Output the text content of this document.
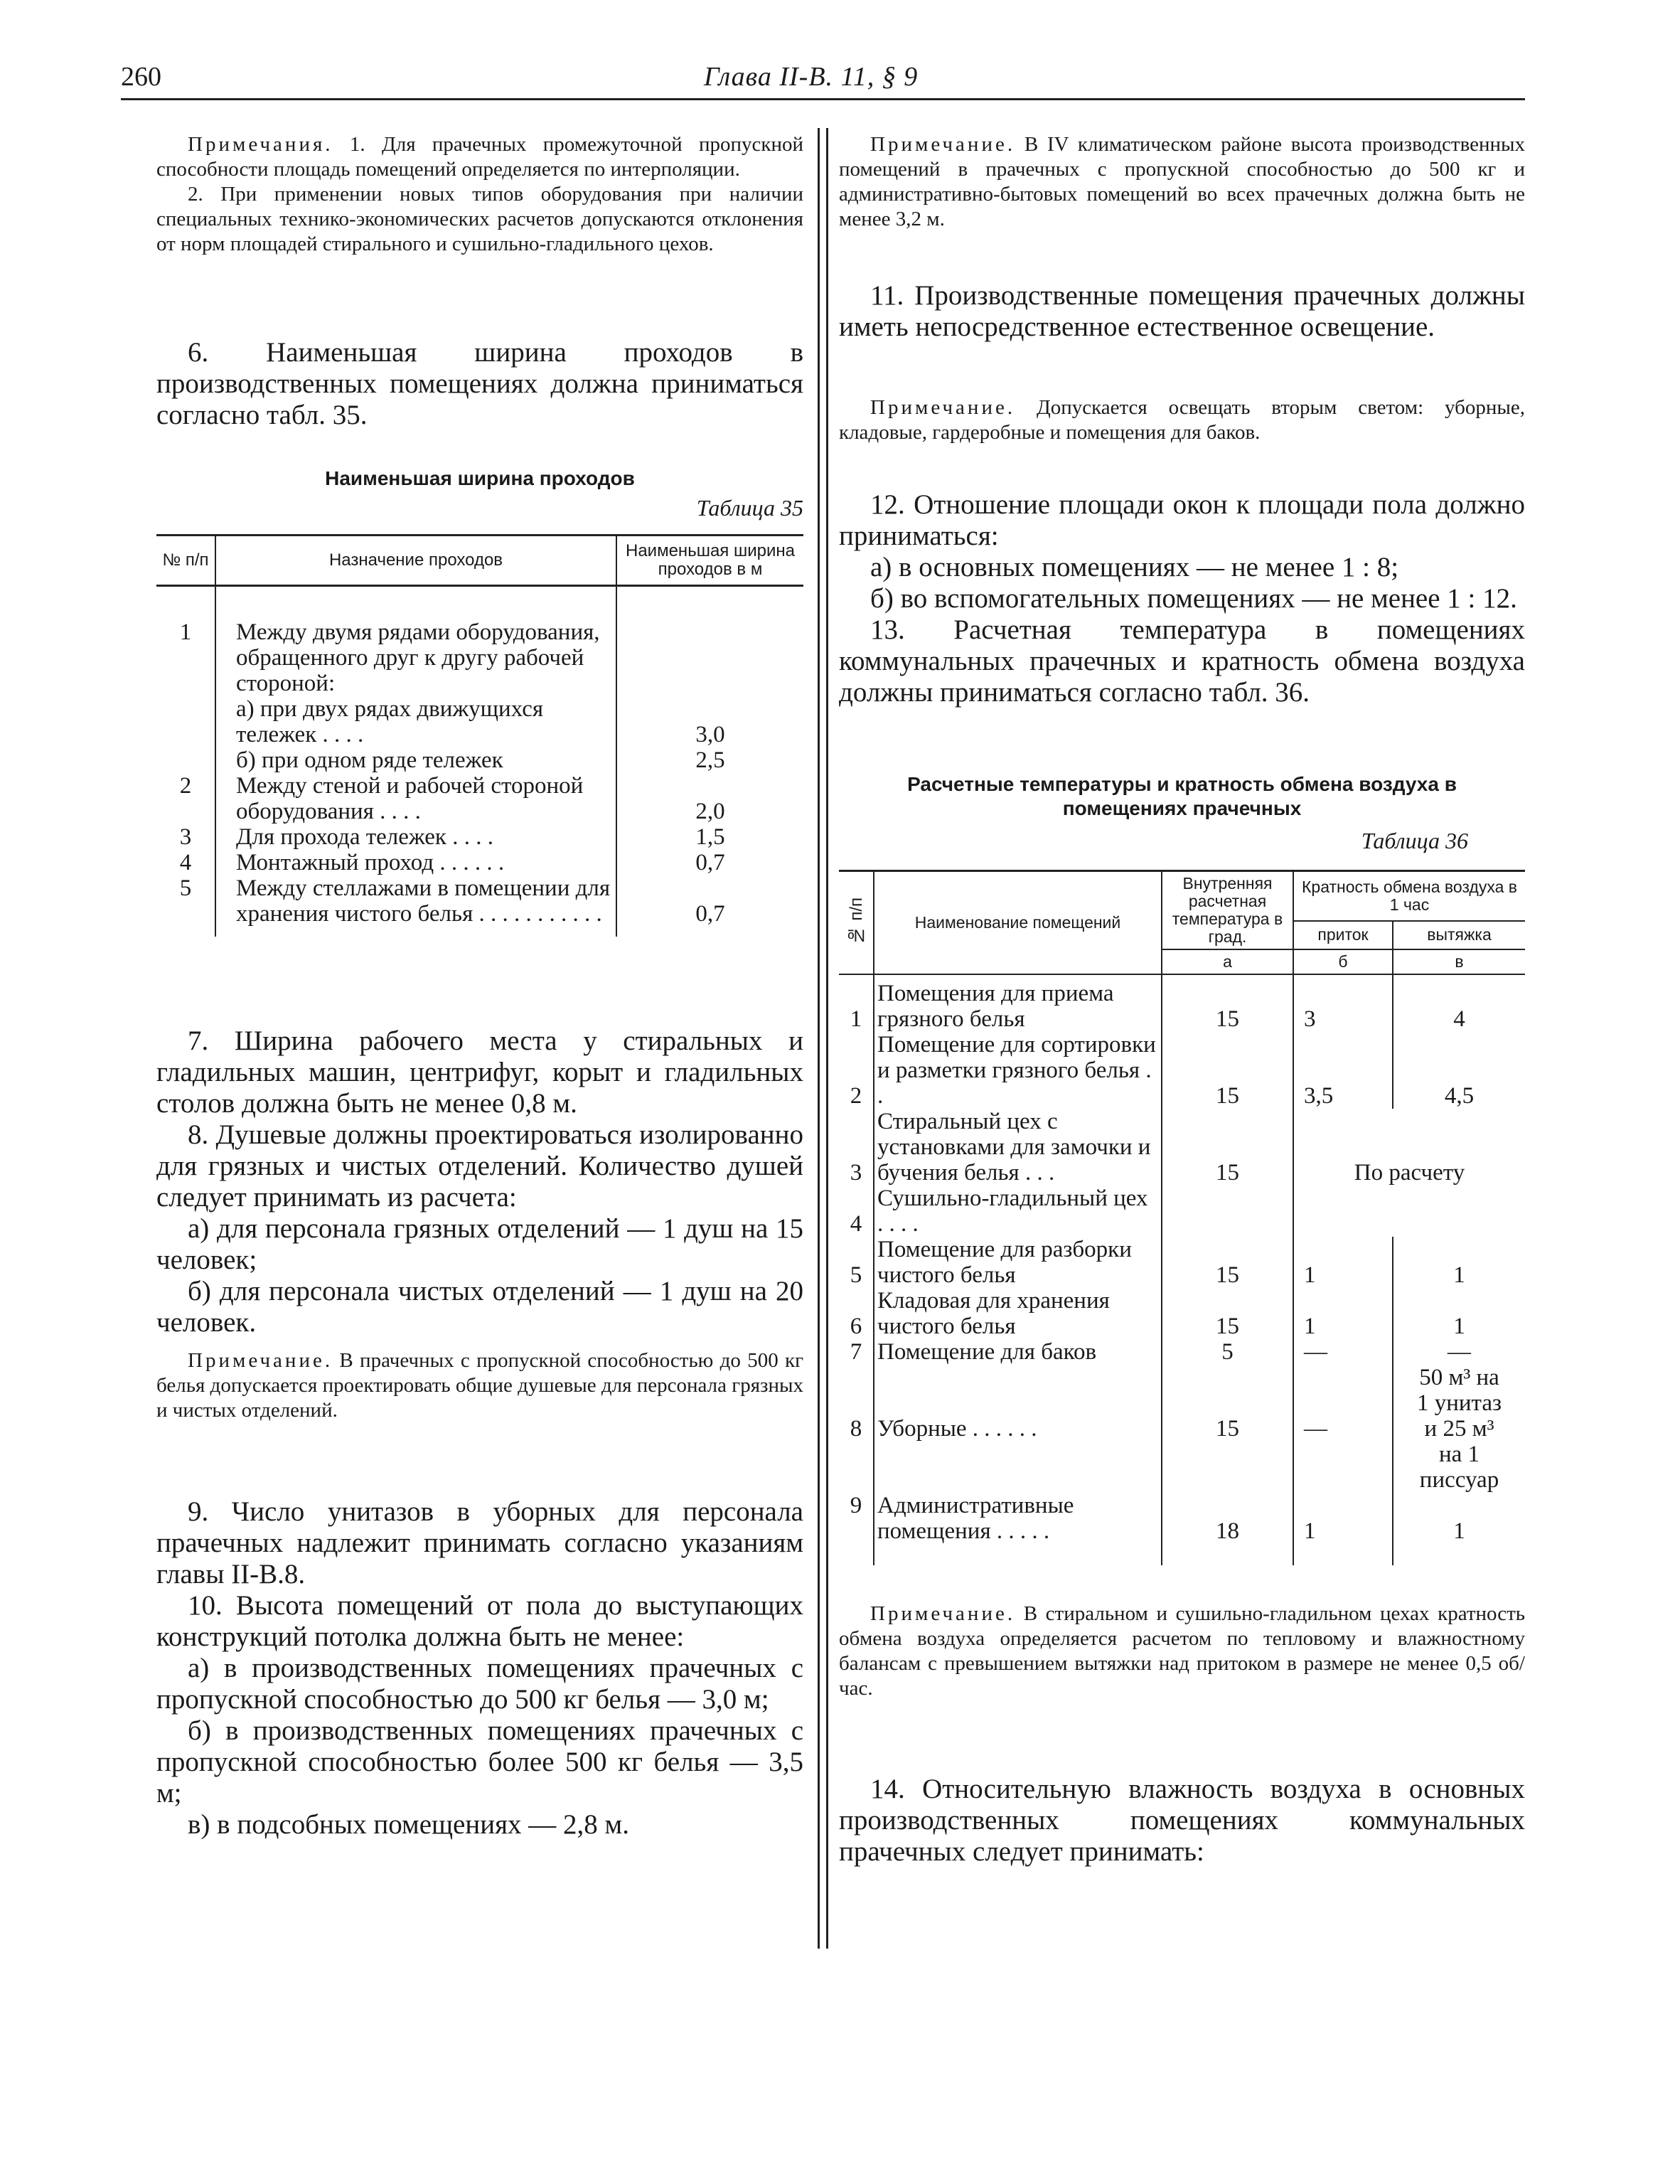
260	Глава II-В. 11, § 9

Примечания. 1. Для прачечных промежуточной пропускной способности площадь помещений определяется по интерполяции.

2. При применении новых типов оборудования при наличии специальных технико-экономических расчетов допускаются отклонения от норм площадей стирального и сушильно-гладильного цехов.

6. Наименьшая ширина проходов в производственных помещениях должна приниматься согласно табл. 35.

Наименьшая ширина проходов

Таблица 35

№ п/п	Назначение проходов	Наименьшая ширина проходов в м
1	Между двумя рядами оборудования, обращенного друг к другу рабочей стороной:	
	а) при двух рядах движущихся тележек . . . .	3,0
	б) при одном ряде тележек	2,5
2	Между стеной и рабочей стороной оборудования . . . .	2,0
3	Для прохода тележек . . . .	1,5
4	Монтажный проход . . . . . .	0,7
5	Между стеллажами в помещении для хранения чистого белья . . . . . . . . . . .	0,7

7. Ширина рабочего места у стиральных и гладильных машин, центрифуг, корыт и гладильных столов должна быть не менее 0,8 м.

8. Душевые должны проектироваться изолированно для грязных и чистых отделений. Количество душей следует принимать из расчета:

а) для персонала грязных отделений — 1 душ на 15 человек;

б) для персонала чистых отделений — 1 душ на 20 человек.

Примечание. В прачечных с пропускной способностью до 500 кг белья допускается проектировать общие душевые для персонала грязных и чистых отделений.

9. Число унитазов в уборных для персонала прачечных надлежит принимать согласно указаниям главы II-В.8.

10. Высота помещений от пола до выступающих конструкций потолка должна быть не менее:

а) в производственных помещениях прачечных с пропускной способностью до 500 кг белья — 3,0 м;

б) в производственных помещениях прачечных с пропускной способностью более 500 кг белья — 3,5 м;

в) в подсобных помещениях — 2,8 м.

Примечание. В IV климатическом районе высота производственных помещений в прачечных с пропускной способностью до 500 кг и административно-бытовых помещений во всех прачечных должна быть не менее 3,2 м.

11. Производственные помещения прачечных должны иметь непосредственное естественное освещение.

Примечание. Допускается освещать вторым светом: уборные, кладовые, гардеробные и помещения для баков.

12. Отношение площади окон к площади пола должно приниматься:

а) в основных помещениях — не менее 1 : 8;

б) во вспомогательных помещениях — не менее 1 : 12.

13. Расчетная температура в помещениях коммунальных прачечных и кратность обмена воздуха должны приниматься согласно табл. 36.

Расчетные температуры и кратность обмена воздуха в помещениях прачечных

Таблица 36

№ п/п	Наименование помещений	Внутренняя расчетная температура в град.	Кратность обмена воздуха в 1 час	
			приток	вытяжка
		а	б	в

1	Помещения для приема грязного белья	15	3	4
2	Помещение для сортировки и разметки грязного белья . .	15	3,5	4,5
3	Стиральный цех с установками для замочки и бучения белья . . .	15	По расчету	
4	Сушильно-гладильный цех . . . .			
5	Помещение для разборки чистого белья	15	1	1
6	Кладовая для хранения чистого белья	15	1	1
7	Помещение для баков	5	—	—
8	Уборные . . . . . .	15	—	50 м³ на 1 унитаз и 25 м³ на 1 писсуар
9	Административные помещения . . . . .	18	1	1

Примечание. В стиральном и сушильно-гладильном цехах кратность обмена воздуха определяется расчетом по тепловому и влажностному балансам с превышением вытяжки над притоком в размере не менее 0,5 об/час.

14. Относительную влажность воздуха в основных производственных помещениях коммунальных прачечных следует принимать:
